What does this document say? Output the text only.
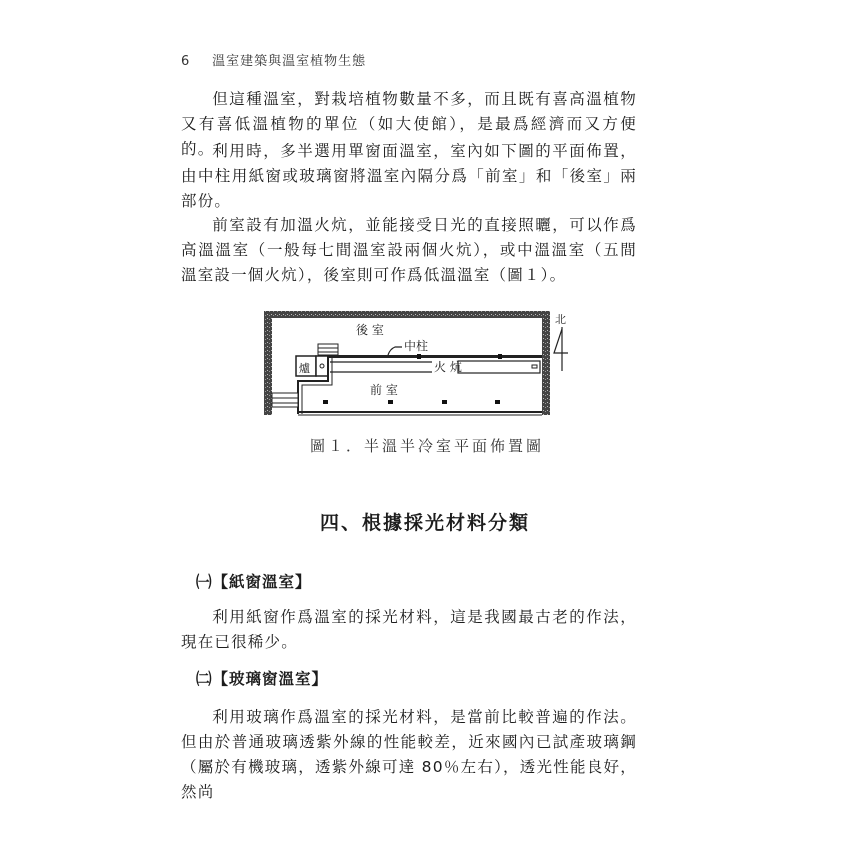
6 溫室建築與溫室植物生態

但這種溫室，對栽培植物數量不多，而且既有喜高溫植物又有喜低溫植物的單位（如大使館），是最爲經濟而又方便的。

利用時，多半選用單窗面溫室，室內如下圖的平面佈置，由中柱用紙窗或玻璃窗將溫室內隔分爲「前室」和「後室」兩部份。

前室設有加溫火炕，並能接受日光的直接照曬，可以作爲高溫溫室（一般每七間溫室設兩個火炕），或中溫溫室（五間溫室設一個火炕），後室則可作爲低溫溫室（圖１）。

後 室
中柱
火 炕
前 室
爐
北
圖１．半溫半冷室平面佈置圖
四、根據採光材料分類
㈠【紙窗溫室】

利用紙窗作爲溫室的採光材料，這是我國最古老的作法，現在已很稀少。

㈡【玻璃窗溫室】

利用玻璃作爲溫室的採光材料，是當前比較普遍的作法。但由於普通玻璃透紫外線的性能較差，近來國內已試產玻璃鋼（屬於有機玻璃，透紫外線可達 80％左右），透光性能良好，然尚
